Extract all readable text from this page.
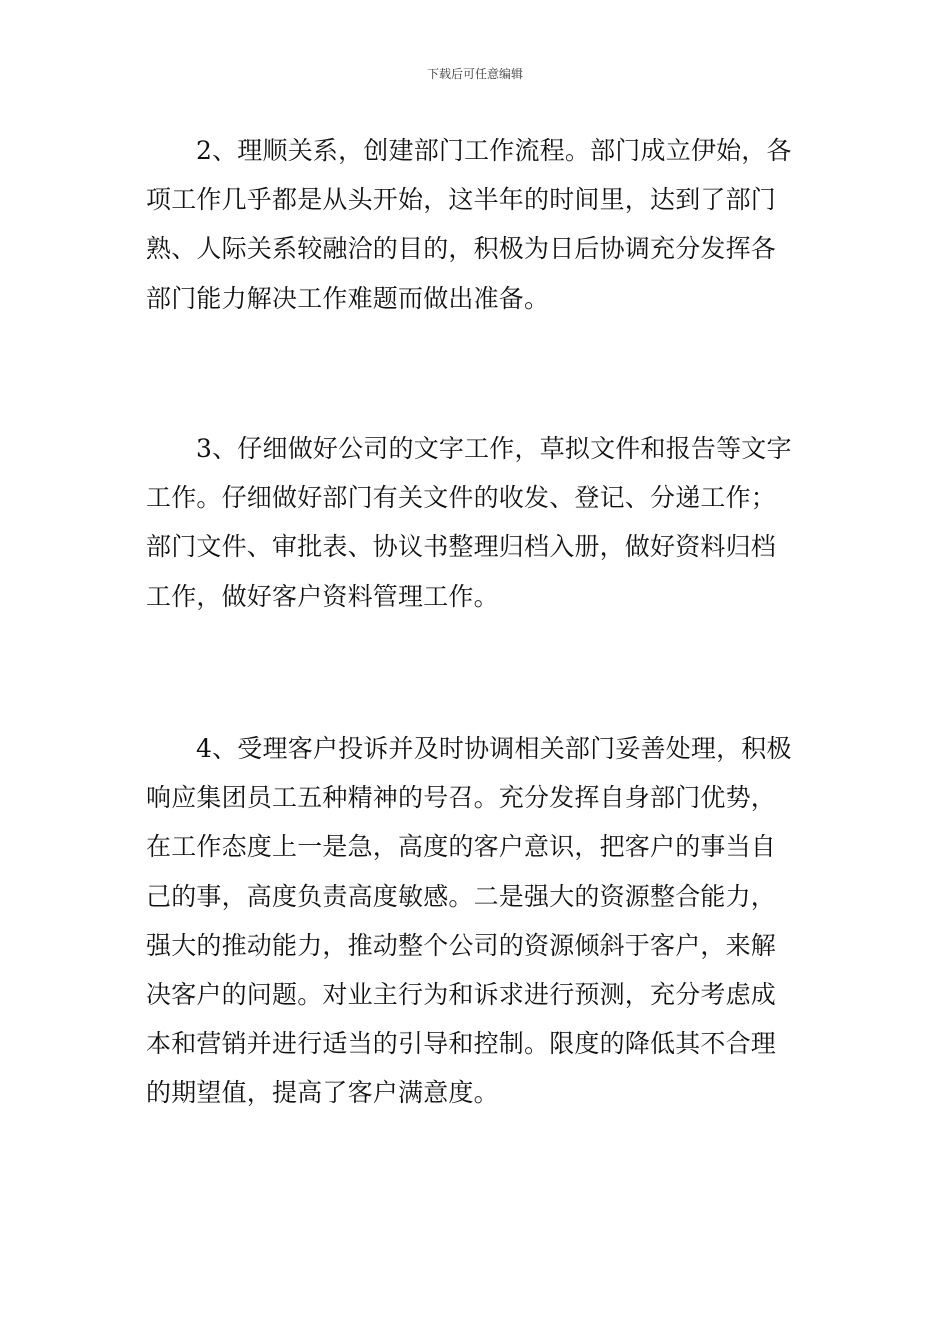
下载后可任意编辑
2、理顺关系，创建部门工作流程。部门成立伊始，各
项工作几乎都是从头开始，这半年的时间里，达到了部门
熟、人际关系较融洽的目的，积极为日后协调充分发挥各
部门能力解决工作难题而做出准备。
3、仔细做好公司的文字工作，草拟文件和报告等文字
工作。仔细做好部门有关文件的收发、登记、分递工作；
部门文件、审批表、协议书整理归档入册，做好资料归档
工作，做好客户资料管理工作。
4、受理客户投诉并及时协调相关部门妥善处理，积极
响应集团员工五种精神的号召。充分发挥自身部门优势，
在工作态度上一是急，高度的客户意识，把客户的事当自
己的事，高度负责高度敏感。二是强大的资源整合能力，
强大的推动能力，推动整个公司的资源倾斜于客户，来解
决客户的问题。对业主行为和诉求进行预测，充分考虑成
本和营销并进行适当的引导和控制。限度的降低其不合理
的期望值，提高了客户满意度。
